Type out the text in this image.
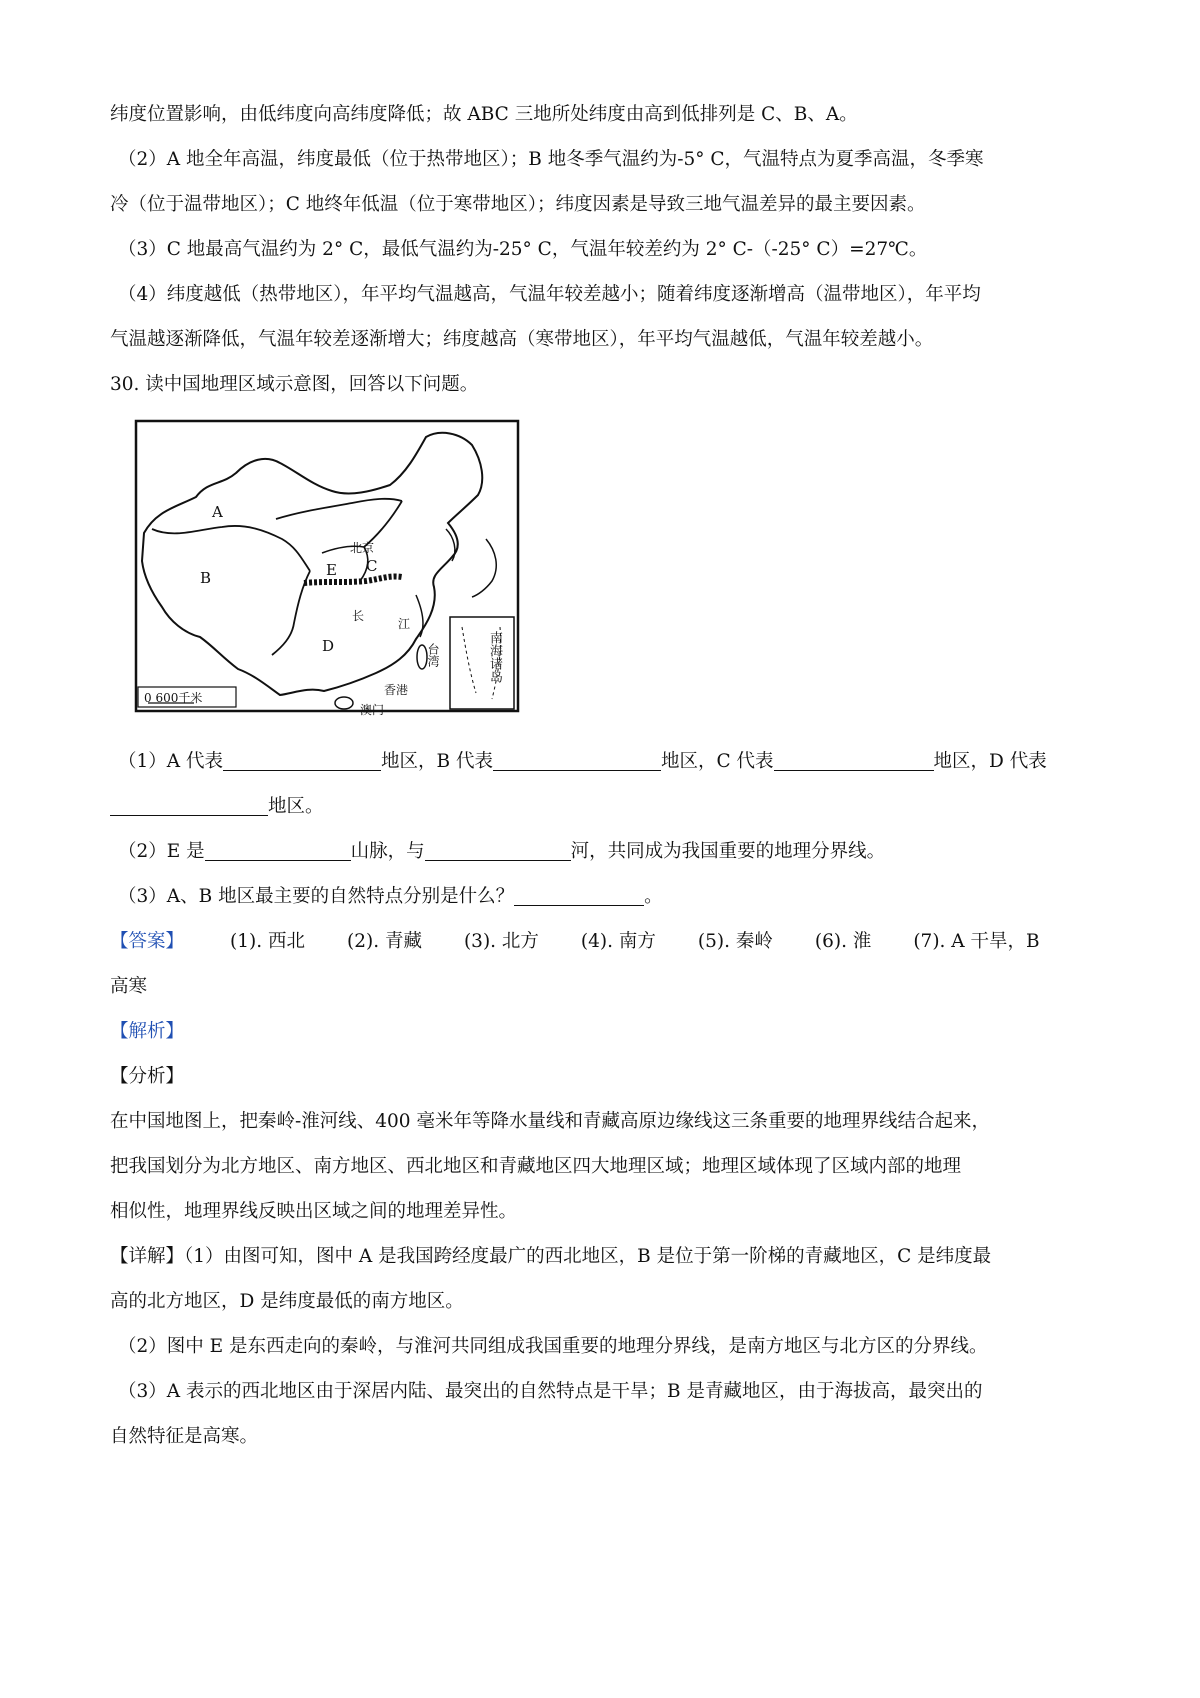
纬度位置影响，由低纬度向高纬度降低；故 ABC 三地所处纬度由高到低排列是 C、B、A。

（2）A 地全年高温，纬度最低（位于热带地区）；B 地冬季气温约为-5° C，气温特点为夏季高温，冬季寒

冷（位于温带地区）；C 地终年低温（位于寒带地区）；纬度因素是导致三地气温差异的最主要因素。

（3）C 地最高气温约为 2° C，最低气温约为-25° C，气温年较差约为 2° C-（-25° C）=27℃。

（4）纬度越低（热带地区），年平均气温越高，气温年较差越小；随着纬度逐渐增高（温带地区），年平均

气温越逐渐降低，气温年较差逐渐增大；纬度越高（寒带地区），年平均气温越低，气温年较差越小。

30. 读中国地理区域示意图，回答以下问题。

A
B
C
D
E
北京
长
江
台湾
香港
澳门
南海诸岛
0 600千米

（1）A 代表	地区，B 代表	地区，C 代表	地区，D 代表

地区。

（2）E 是	山脉，与	河，共同成为我国重要的地理分界线。

（3）A、B 地区最主要的自然特点分别是什么？	。

【答案】 (1). 西北 (2). 青藏 (3). 北方 (4). 南方 (5). 秦岭 (6). 淮 (7). A 干旱，B

高寒

【解析】

【分析】

在中国地图上，把秦岭-淮河线、400 毫米年等降水量线和青藏高原边缘线这三条重要的地理界线结合起来，

把我国划分为北方地区、南方地区、西北地区和青藏地区四大地理区域；地理区域体现了区域内部的地理

相似性，地理界线反映出区域之间的地理差异性。

【详解】（1）由图可知，图中 A 是我国跨经度最广的西北地区，B 是位于第一阶梯的青藏地区，C 是纬度最

高的北方地区，D 是纬度最低的南方地区。

（2）图中 E 是东西走向的秦岭，与淮河共同组成我国重要的地理分界线，是南方地区与北方区的分界线。

（3）A 表示的西北地区由于深居内陆、最突出的自然特点是干旱；B 是青藏地区，由于海拔高，最突出的

自然特征是高寒。
